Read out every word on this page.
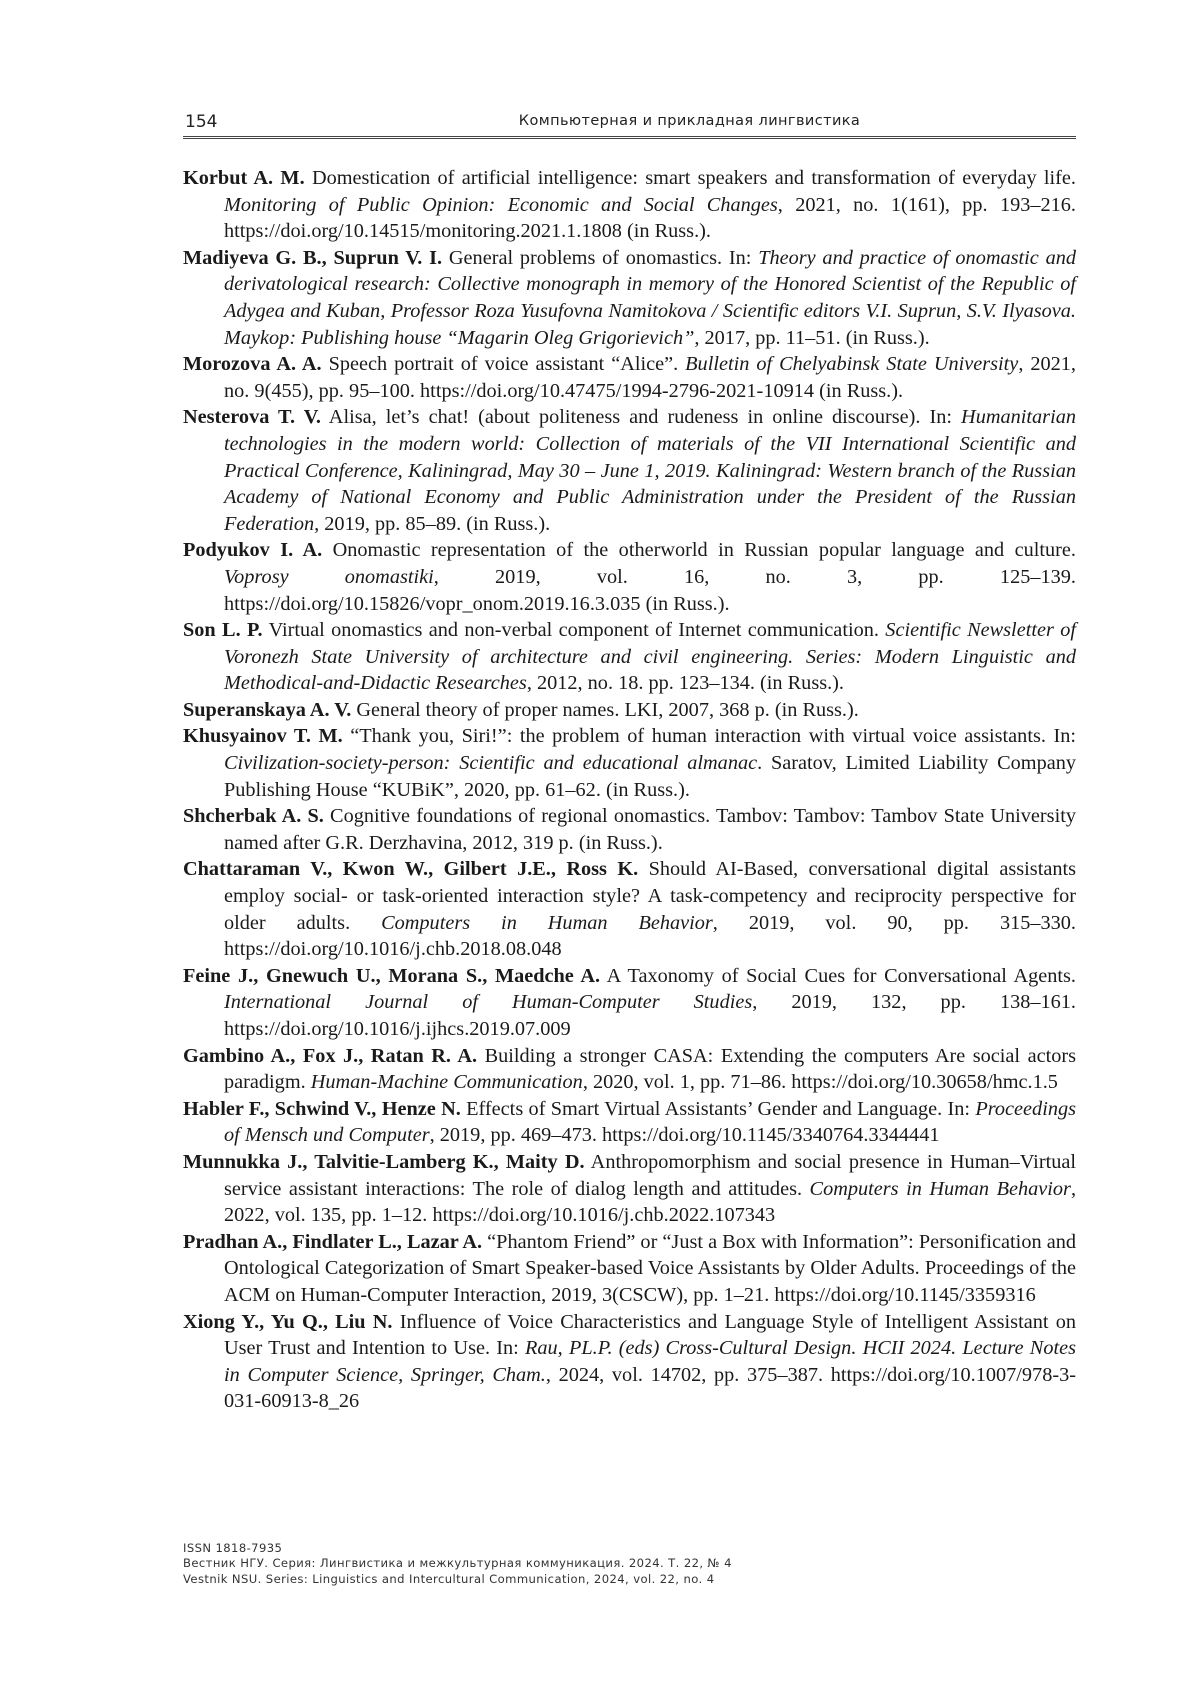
154	Компьютерная и прикладная лингвистика
Korbut A. M. Domestication of artificial intelligence: smart speakers and transformation of everyday life. Monitoring of Public Opinion: Economic and Social Changes, 2021, no. 1(161), pp. 193–216. https://doi.org/10.14515/monitoring.2021.1.1808 (in Russ.).
Madiyeva G. B., Suprun V. I. General problems of onomastics. In: Theory and practice of onomastic and derivatological research: Collective monograph in memory of the Honored Scientist of the Republic of Adygea and Kuban, Professor Roza Yusufovna Namitokova / Scientific editors V.I. Suprun, S.V. Ilyasova. Maykop: Publishing house “Magarin Oleg Grigorievich”, 2017, pp. 11–51. (in Russ.).
Morozova A. A. Speech portrait of voice assistant “Alice”. Bulletin of Chelyabinsk State University, 2021, no. 9(455), pp. 95–100. https://doi.org/10.47475/1994-2796-2021-10914 (in Russ.).
Nesterova T. V. Alisa, let’s chat! (about politeness and rudeness in online discourse). In: Humanitarian technologies in the modern world: Collection of materials of the VII International Scientific and Practical Conference, Kaliningrad, May 30 – June 1, 2019. Kaliningrad: Western branch of the Russian Academy of National Economy and Public Administration under the President of the Russian Federation, 2019, pp. 85–89. (in Russ.).
Podyukov I. A. Onomastic representation of the otherworld in Russian popular language and culture. Voprosy onomastiki, 2019, vol. 16, no. 3, pp. 125–139. https://doi.org/10.15826/vopr_onom.2019.16.3.035 (in Russ.).
Son L. P. Virtual onomastics and non-verbal component of Internet communication. Scientific Newsletter of Voronezh State University of architecture and civil engineering. Series: Modern Linguistic and Methodical-and-Didactic Researches, 2012, no. 18. pp. 123–134. (in Russ.).
Superanskaya A. V. General theory of proper names. LKI, 2007, 368 p. (in Russ.).
Khusyainov T. M. “Thank you, Siri!”: the problem of human interaction with virtual voice assistants. In: Civilization-society-person: Scientific and educational almanac. Saratov, Limited Liability Company Publishing House “KUBiK”, 2020, pp. 61–62. (in Russ.).
Shcherbak A. S. Cognitive foundations of regional onomastics. Tambov: Tambov: Tambov State University named after G.R. Derzhavina, 2012, 319 p. (in Russ.).
Chattaraman V., Kwon W., Gilbert J.E., Ross K. Should AI-Based, conversational digital assistants employ social- or task-oriented interaction style? A task-competency and reciprocity perspective for older adults. Computers in Human Behavior, 2019, vol. 90, pp. 315–330. https://doi.org/10.1016/j.chb.2018.08.048
Feine J., Gnewuch U., Morana S., Maedche A. A Taxonomy of Social Cues for Conversational Agents. International Journal of Human-Computer Studies, 2019, 132, pp. 138–161. https://doi.org/10.1016/j.ijhcs.2019.07.009
Gambino A., Fox J., Ratan R. A. Building a stronger CASA: Extending the computers Are social actors paradigm. Human-Machine Communication, 2020, vol. 1, pp. 71–86. https://doi.org/10.30658/hmc.1.5
Habler F., Schwind V., Henze N. Effects of Smart Virtual Assistants’ Gender and Language. In: Proceedings of Mensch und Computer, 2019, pp. 469–473. https://doi.org/10.1145/3340764.3344441
Munnukka J., Talvitie-Lamberg K., Maity D. Anthropomorphism and social presence in Human–Virtual service assistant interactions: The role of dialog length and attitudes. Computers in Human Behavior, 2022, vol. 135, pp. 1–12. https://doi.org/10.1016/j.chb.2022.107343
Pradhan A., Findlater L., Lazar A. “Phantom Friend” or “Just a Box with Information”: Personification and Ontological Categorization of Smart Speaker-based Voice Assistants by Older Adults. Proceedings of the ACM on Human-Computer Interaction, 2019, 3(CSCW), pp. 1–21. https://doi.org/10.1145/3359316
Xiong Y., Yu Q., Liu N. Influence of Voice Characteristics and Language Style of Intelligent Assistant on User Trust and Intention to Use. In: Rau, PL.P. (eds) Cross-Cultural Design. HCII 2024. Lecture Notes in Computer Science, Springer, Cham., 2024, vol. 14702, pp. 375–387. https://doi.org/10.1007/978-3-031-60913-8_26
ISSN 1818-7935
Вестник НГУ. Серия: Лингвистика и межкультурная коммуникация. 2024. Т. 22, № 4
Vestnik NSU. Series: Linguistics and Intercultural Communication, 2024, vol. 22, no. 4
